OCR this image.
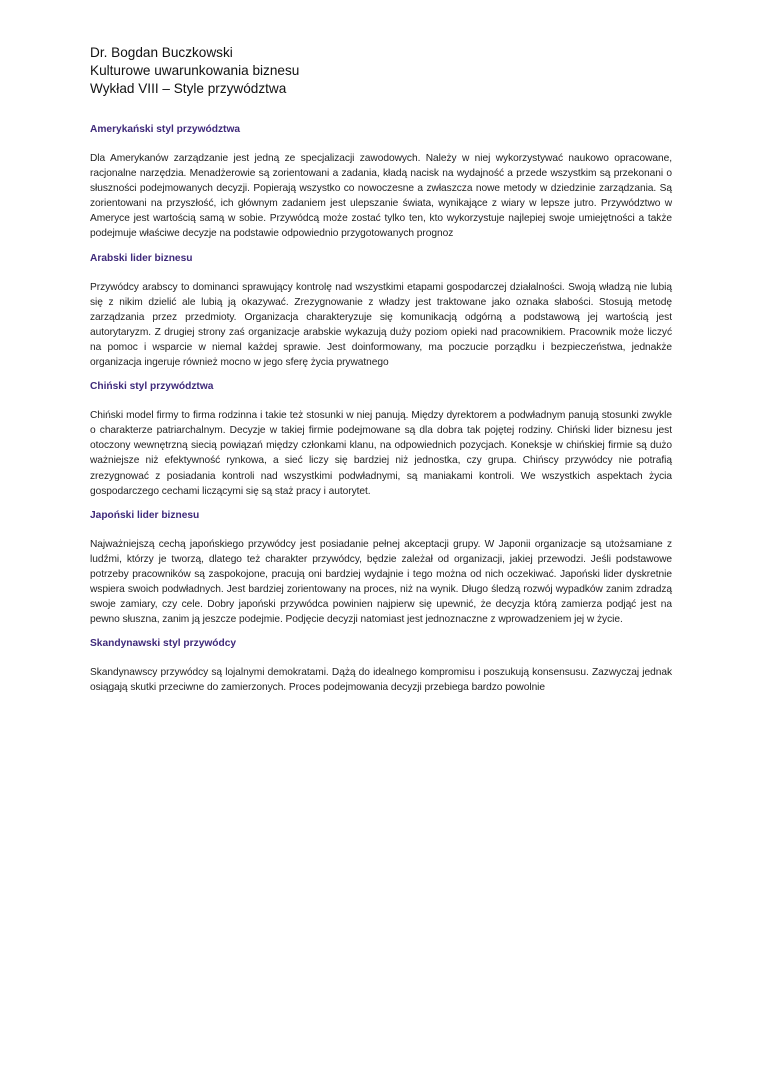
Dr. Bogdan Buczkowski

Kulturowe uwarunkowania biznesu

Wykład VIII – Style przywództwa

Amerykański styl przywództwa

Dla Amerykanów zarządzanie jest jedną ze specjalizacji zawodowych. Należy w niej wykorzystywać naukowo opracowane, racjonalne narzędzia. Menadżerowie są zorientowani a zadania, kładą nacisk na wydajność a przede wszystkim są przekonani o słuszności podejmowanych decyzji. Popierają wszystko co nowoczesne a zwłaszcza nowe metody w dziedzinie zarządzania. Są zorientowani na przyszłość, ich głównym zadaniem jest ulepszanie świata, wynikające z wiary w lepsze jutro. Przywództwo w Ameryce jest wartością samą w sobie. Przywódcą może zostać tylko ten, kto wykorzystuje najlepiej swoje umiejętności a także podejmuje właściwe decyzje na podstawie odpowiednio przygotowanych prognoz

Arabski lider biznesu

Przywódcy arabscy to dominanci sprawujący kontrolę nad wszystkimi etapami gospodarczej działalności. Swoją władzą nie lubią się z nikim dzielić ale lubią ją okazywać. Zrezygnowanie z władzy jest traktowane jako oznaka słabości. Stosują metodę zarządzania przez przedmioty. Organizacja charakteryzuje się komunikacją odgórną a podstawową jej wartością jest autorytaryzm. Z drugiej strony zaś organizacje arabskie wykazują duży poziom opieki nad pracownikiem. Pracownik może liczyć na pomoc i wsparcie w niemal każdej sprawie. Jest doinformowany, ma poczucie porządku i bezpieczeństwa, jednakże organizacja ingeruje również mocno w jego sferę życia prywatnego

Chiński styl przywództwa

Chiński model firmy to firma rodzinna i takie też stosunki w niej panują. Między dyrektorem a podwładnym panują stosunki zwykle o charakterze patriarchalnym. Decyzje w takiej firmie podejmowane są dla dobra tak pojętej rodziny. Chiński lider biznesu jest otoczony wewnętrzną siecią powiązań między członkami klanu, na odpowiednich pozycjach. Koneksje w chińskiej firmie są dużo ważniejsze niż efektywność rynkowa, a sieć liczy się bardziej niż jednostka, czy grupa. Chińscy przywódcy nie potrafią zrezygnować z posiadania kontroli nad wszystkimi podwładnymi, są maniakami kontroli. We wszystkich aspektach życia gospodarczego cechami liczącymi się są staż pracy i autorytet.

Japoński lider biznesu

Najważniejszą cechą japońskiego przywódcy jest posiadanie pełnej akceptacji grupy. W Japonii organizacje są utożsamiane z ludźmi, którzy je tworzą, dlatego też charakter przywódcy, będzie zależał od organizacji, jakiej przewodzi. Jeśli podstawowe potrzeby pracowników są zaspokojone, pracują oni bardziej wydajnie i tego można od nich oczekiwać. Japoński lider dyskretnie wspiera swoich podwładnych. Jest bardziej zorientowany na proces, niż na wynik. Długo śledzą rozwój wypadków zanim zdradzą swoje zamiary, czy cele. Dobry japoński przywódca powinien najpierw się upewnić, że decyzja którą zamierza podjąć jest na pewno słuszna, zanim ją jeszcze podejmie. Podjęcie decyzji natomiast jest jednoznaczne z wprowadzeniem jej w życie.

Skandynawski styl przywódcy

Skandynawscy przywódcy są lojalnymi demokratami. Dążą do idealnego kompromisu i poszukują konsensusu. Zazwyczaj jednak osiągają skutki przeciwne do zamierzonych. Proces podejmowania decyzji przebiega bardzo powolnie
